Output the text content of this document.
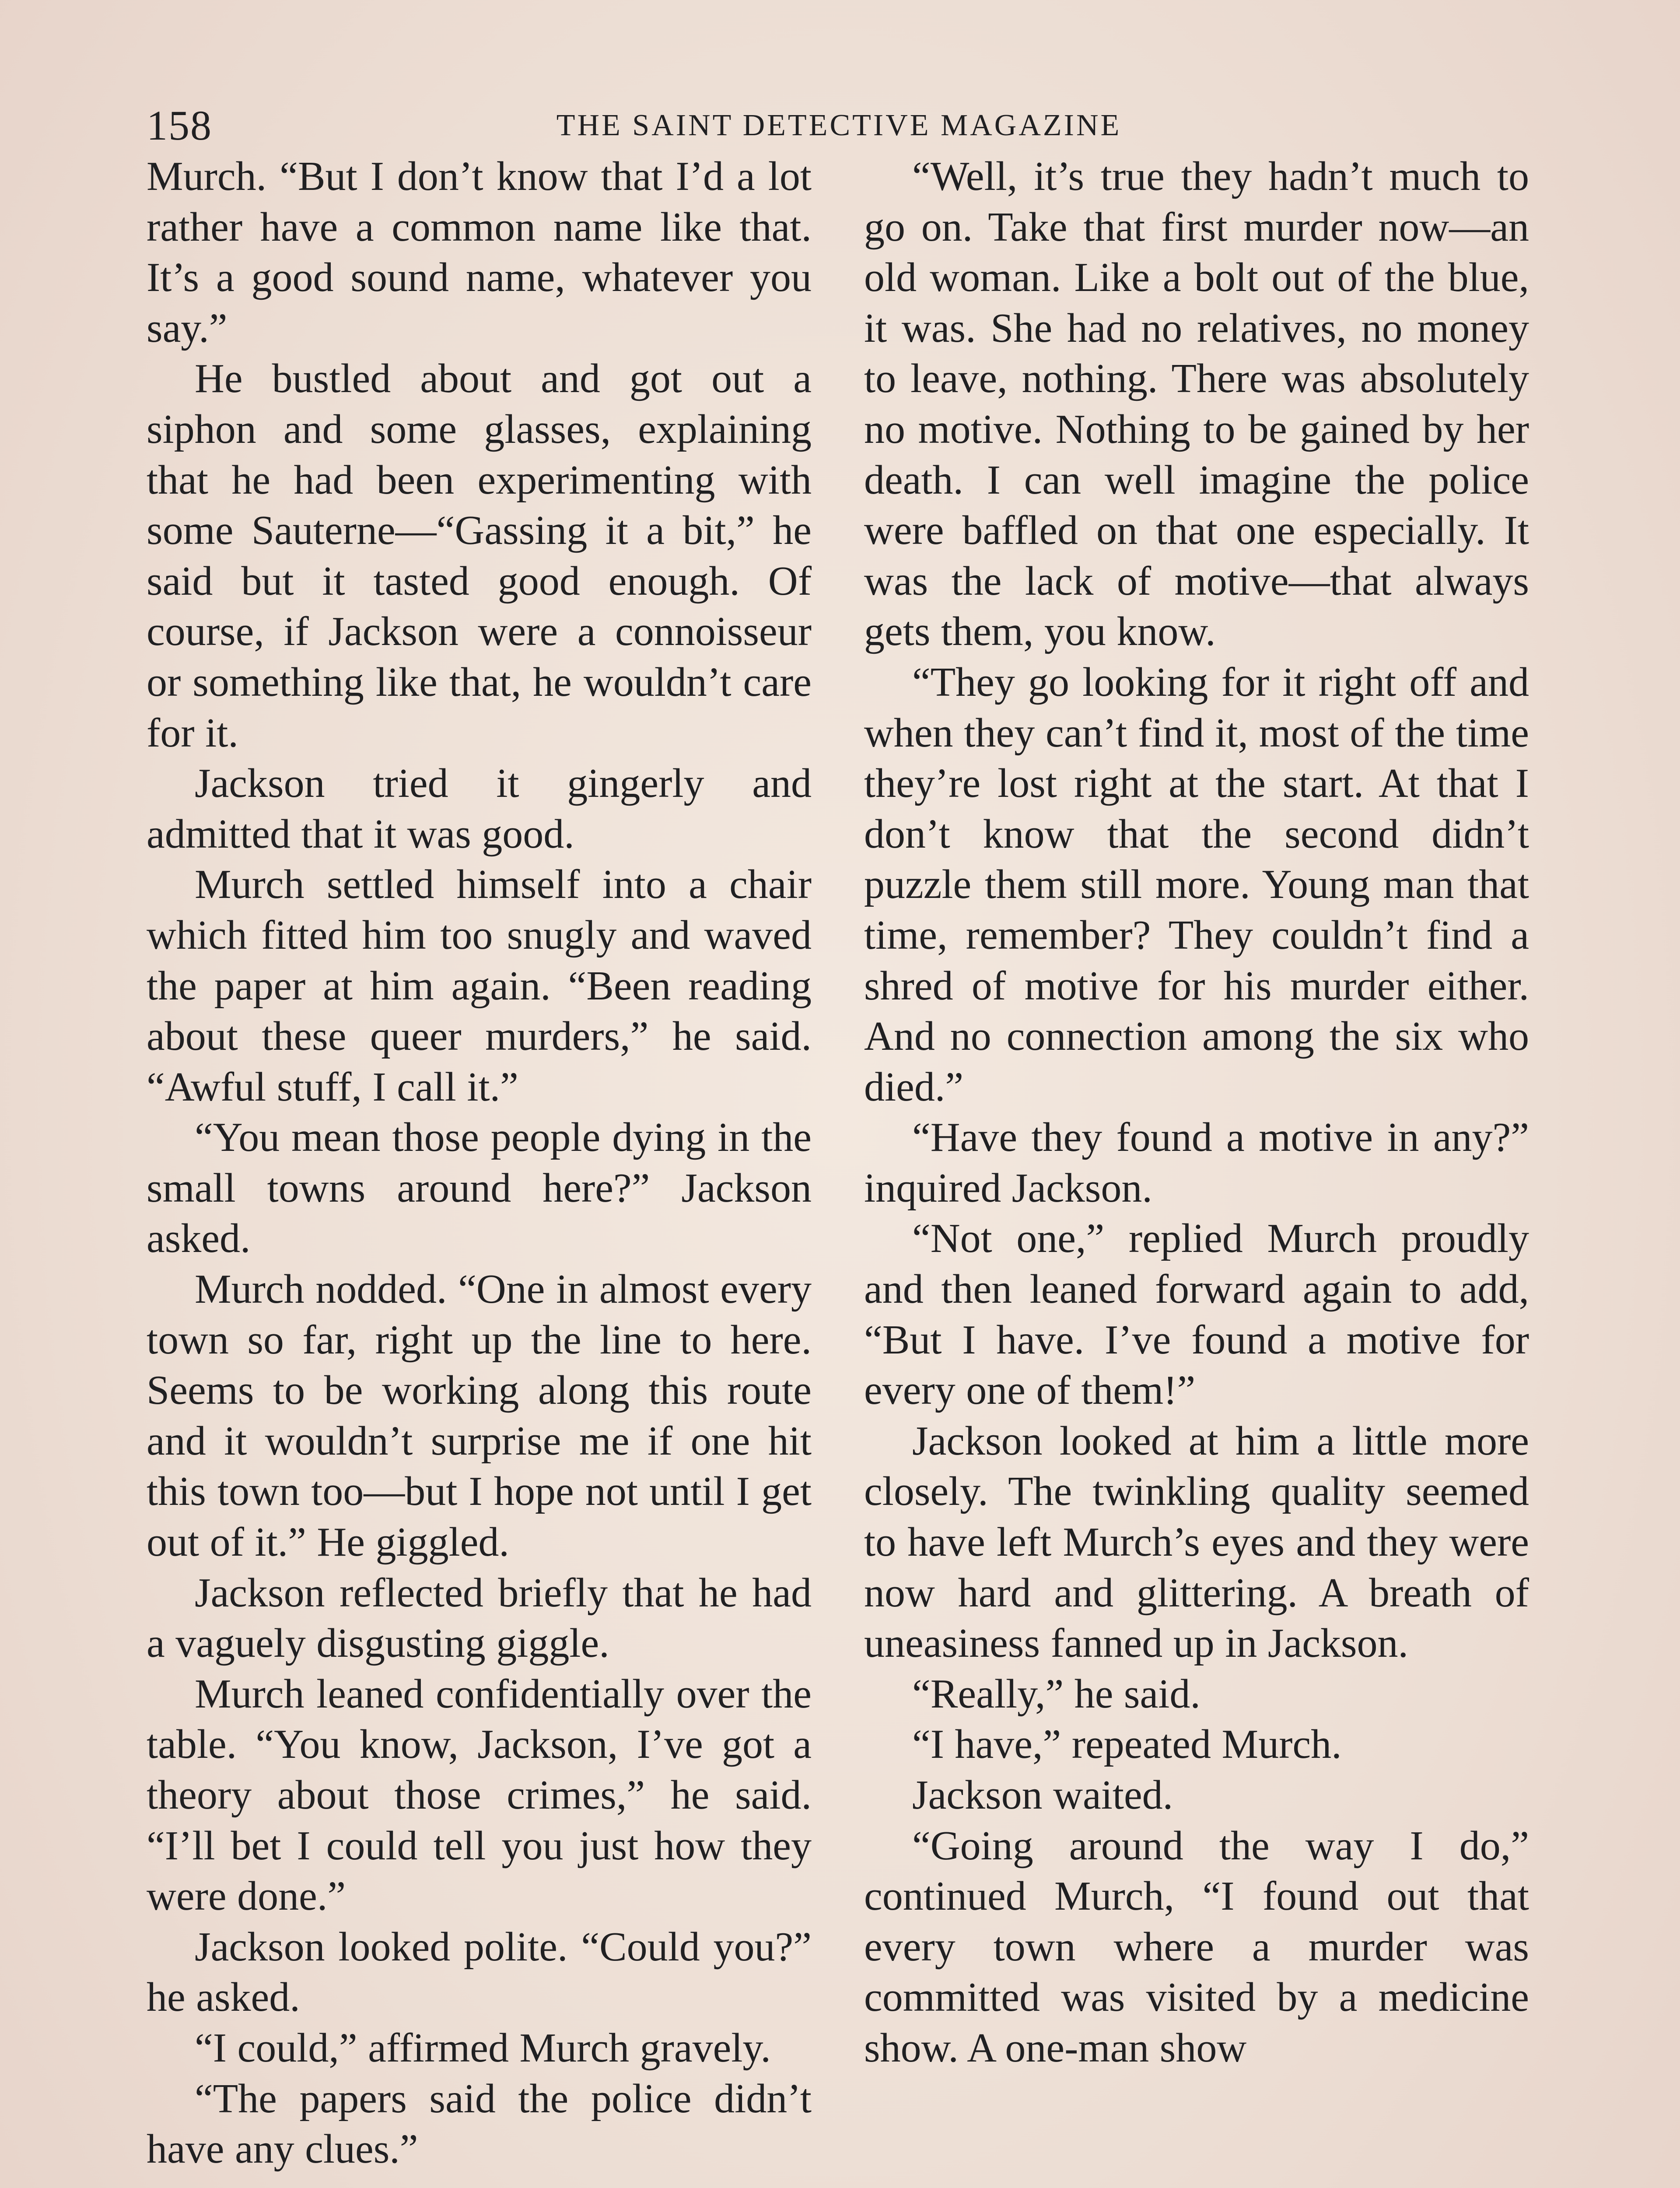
158	THE SAINT DETECTIVE MAGAZINE

Murch. “But I don’t know that I’d a lot rather have a common name like that. It’s a good sound name, whatever you say.”

He bustled about and got out a siphon and some glasses, explaining that he had been experimenting with some Sauterne—“Gassing it a bit,” he said but it tasted good enough. Of course, if Jackson were a connoisseur or something like that, he wouldn’t care for it.

Jackson tried it gingerly and admitted that it was good.

Murch settled himself into a chair which fitted him too snugly and waved the paper at him again. “Been reading about these queer murders,” he said. “Awful stuff, I call it.”

“You mean those people dying in the small towns around here?” Jackson asked.

Murch nodded. “One in almost every town so far, right up the line to here. Seems to be working along this route and it wouldn’t surprise me if one hit this town too—but I hope not until I get out of it.” He giggled.

Jackson reflected briefly that he had a vaguely disgusting giggle.

Murch leaned confidentially over the table. “You know, Jackson, I’ve got a theory about those crimes,” he said. “I’ll bet I could tell you just how they were done.”

Jackson looked polite. “Could you?” he asked.

“I could,” affirmed Murch gravely.

“The papers said the police didn’t have any clues.”

“Well, it’s true they hadn’t much to go on. Take that first murder now—an old woman. Like a bolt out of the blue, it was. She had no relatives, no money to leave, nothing. There was absolutely no motive. Nothing to be gained by her death. I can well imagine the police were baffled on that one especially. It was the lack of motive—that always gets them, you know.

“They go looking for it right off and when they can’t find it, most of the time they’re lost right at the start. At that I don’t know that the second didn’t puzzle them still more. Young man that time, remember? They couldn’t find a shred of motive for his murder either. And no connection among the six who died.”

“Have they found a motive in any?” inquired Jackson.

“Not one,” replied Murch proudly and then leaned forward again to add, “But I have. I’ve found a motive for every one of them!”

Jackson looked at him a little more closely. The twinkling quality seemed to have left Murch’s eyes and they were now hard and glittering. A breath of uneasiness fanned up in Jackson.

“Really,” he said.

“I have,” repeated Murch.

Jackson waited.

“Going around the way I do,” continued Murch, “I found out that every town where a murder was committed was visited by a medicine show. A one-man show
